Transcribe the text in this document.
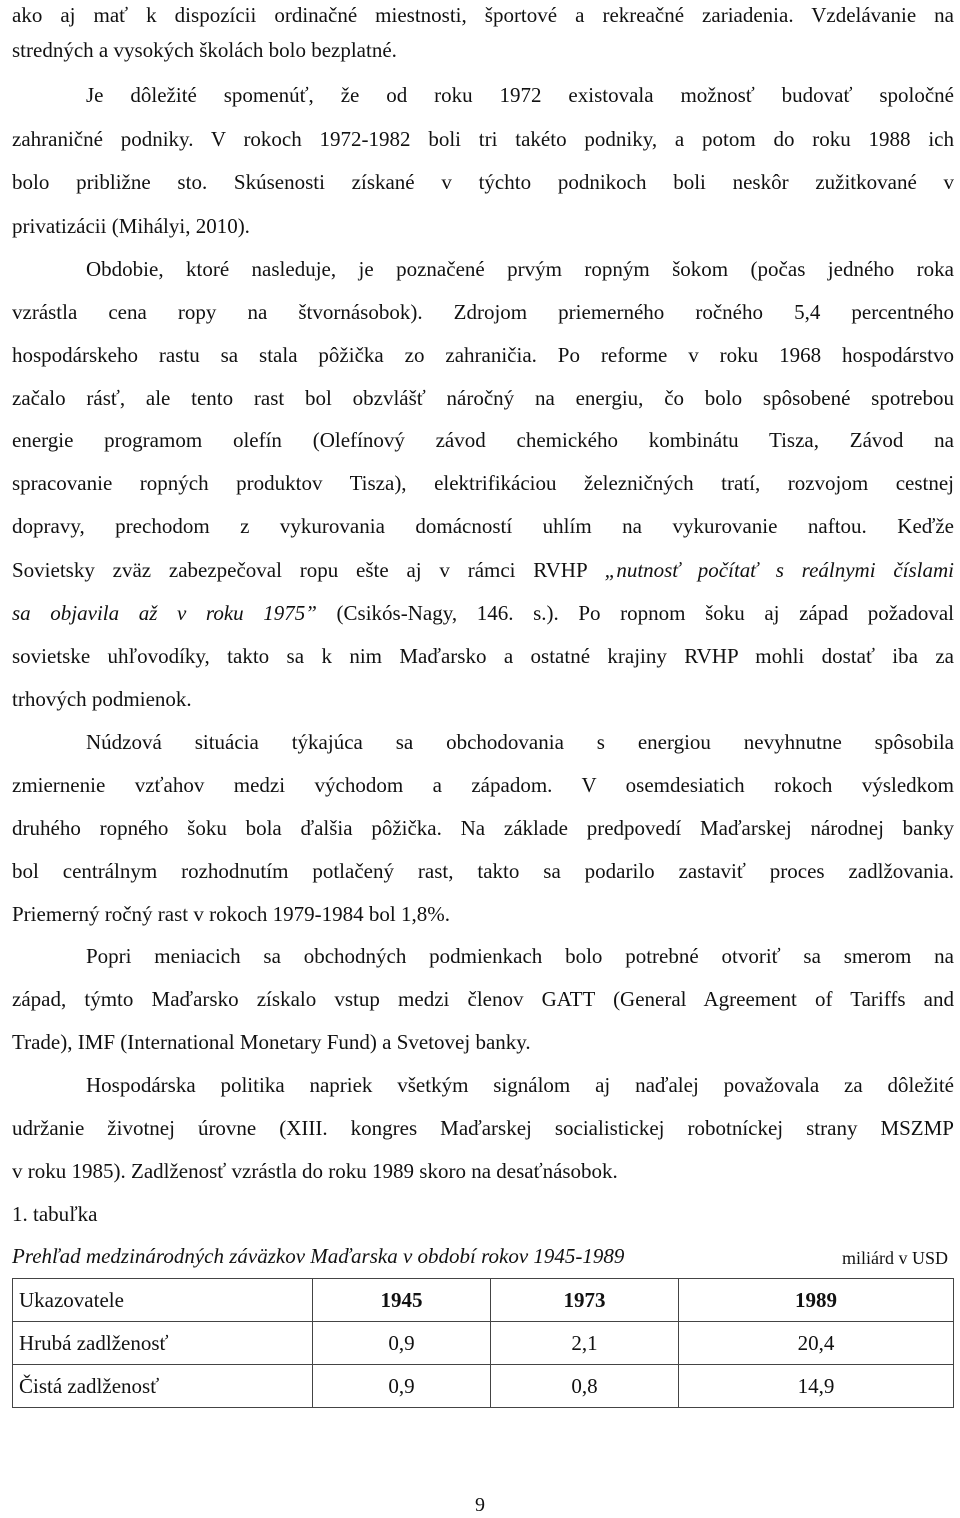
ako aj mať k dispozícii ordinačné miestnosti, športové a rekreačné zariadenia. Vzdelávanie na
stredných a vysokých školách bolo bezplatné.
Je dôležité spomenúť, že od roku 1972 existovala možnosť budovať spoločné
zahraničné podniky. V rokoch 1972-1982 boli tri takéto podniky, a potom do roku 1988 ich
bolo približne sto. Skúsenosti získané v týchto podnikoch boli neskôr zužitkované v
privatizácii (Mihályi, 2010).
Obdobie, ktoré nasleduje, je poznačené prvým ropným šokom (počas jedného roka
vzrástla cena ropy na štvornásobok). Zdrojom priemerného ročného 5,4 percentného
hospodárskeho rastu sa stala pôžička zo zahraničia. Po reforme v roku 1968 hospodárstvo
začalo rásť, ale tento rast bol obzvlášť náročný na energiu, čo bolo spôsobené spotrebou
energie programom olefín (Olefínový závod chemického kombinátu Tisza, Závod na
spracovanie ropných produktov Tisza), elektrifikáciou železničných tratí, rozvojom cestnej
dopravy, prechodom z vykurovania domácností uhlím na vykurovanie naftou. Keďže
Sovietsky zväz zabezpečoval ropu ešte aj v rámci RVHP „nutnosť počítať s reálnymi číslami
sa objavila až v roku 1975” (Csikós-Nagy, 146. s.). Po ropnom šoku aj západ požadoval
sovietske uhľovodíky, takto sa k nim Maďarsko a ostatné krajiny RVHP mohli dostať iba za
trhových podmienok.
Núdzová situácia týkajúca sa obchodovania s energiou nevyhnutne spôsobila
zmiernenie vzťahov medzi východom a západom. V osemdesiatich rokoch výsledkom
druhého ropného šoku bola ďalšia pôžička. Na základe predpovedí Maďarskej národnej banky
bol centrálnym rozhodnutím potlačený rast, takto sa podarilo zastaviť proces zadlžovania.
Priemerný ročný rast v rokoch 1979-1984 bol 1,8%.
Popri meniacich sa obchodných podmienkach bolo potrebné otvoriť sa smerom na
západ, týmto Maďarsko získalo vstup medzi členov GATT (General Agreement of Tariffs and
Trade), IMF (International Monetary Fund) a Svetovej banky.
Hospodárska politika napriek všetkým signálom aj naďalej považovala za dôležité
udržanie životnej úrovne (XIII. kongres Maďarskej socialistickej robotníckej strany MSZMP
v roku 1985). Zadlženosť vzrástla do roku 1989 skoro na desaťnásobok.
1. tabuľka
Prehľad medzinárodných záväzkov Maďarska v období rokov 1945-1989	miliárd v USD
Ukazovatele	1945	1973	1989
Hrubá zadlženosť	0,9	2,1	20,4
Čistá zadlženosť	0,9	0,8	14,9
9
